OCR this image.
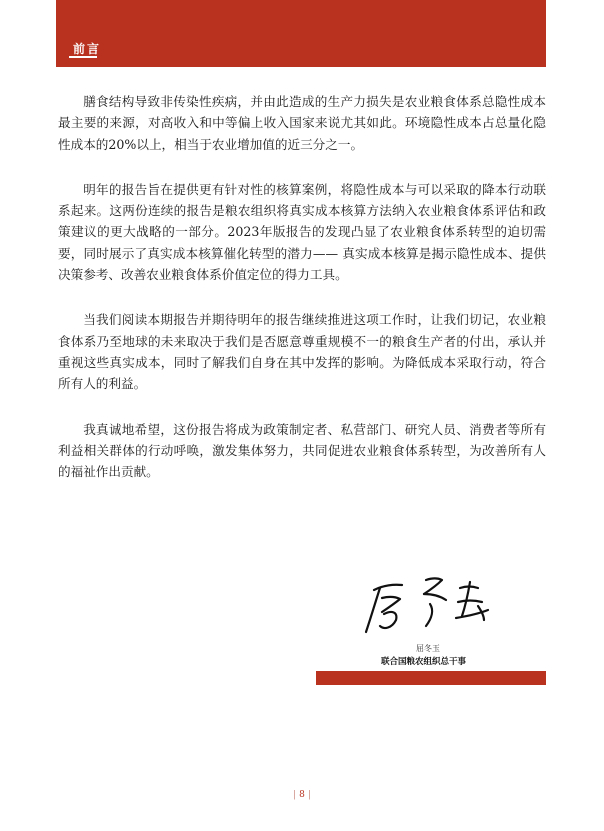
前言

膳食结构导致非传染性疾病，并由此造成的生产力损失是农业粮食体系总隐性成本最主要的来源，对高收入和中等偏上收入国家来说尤其如此。环境隐性成本占总量化隐性成本的20%以上，相当于农业增加值的近三分之一。

明年的报告旨在提供更有针对性的核算案例，将隐性成本与可以采取的降本行动联系起来。这两份连续的报告是粮农组织将真实成本核算方法纳入农业粮食体系评估和政策建议的更大战略的一部分。2023年版报告的发现凸显了农业粮食体系转型的迫切需要，同时展示了真实成本核算催化转型的潜力—— 真实成本核算是揭示隐性成本、提供决策参考、改善农业粮食体系价值定位的得力工具。

当我们阅读本期报告并期待明年的报告继续推进这项工作时，让我们切记，农业粮食体系乃至地球的未来取决于我们是否愿意尊重规模不一的粮食生产者的付出，承认并重视这些真实成本，同时了解我们自身在其中发挥的影响。为降低成本采取行动，符合所有人的利益。

我真诚地希望，这份报告将成为政策制定者、私营部门、研究人员、消费者等所有利益相关群体的行动呼唤，激发集体努力，共同促进农业粮食体系转型，为改善所有人的福祉作出贡献。

屈冬玉
联合国粮农组织总干事
| 8 |
